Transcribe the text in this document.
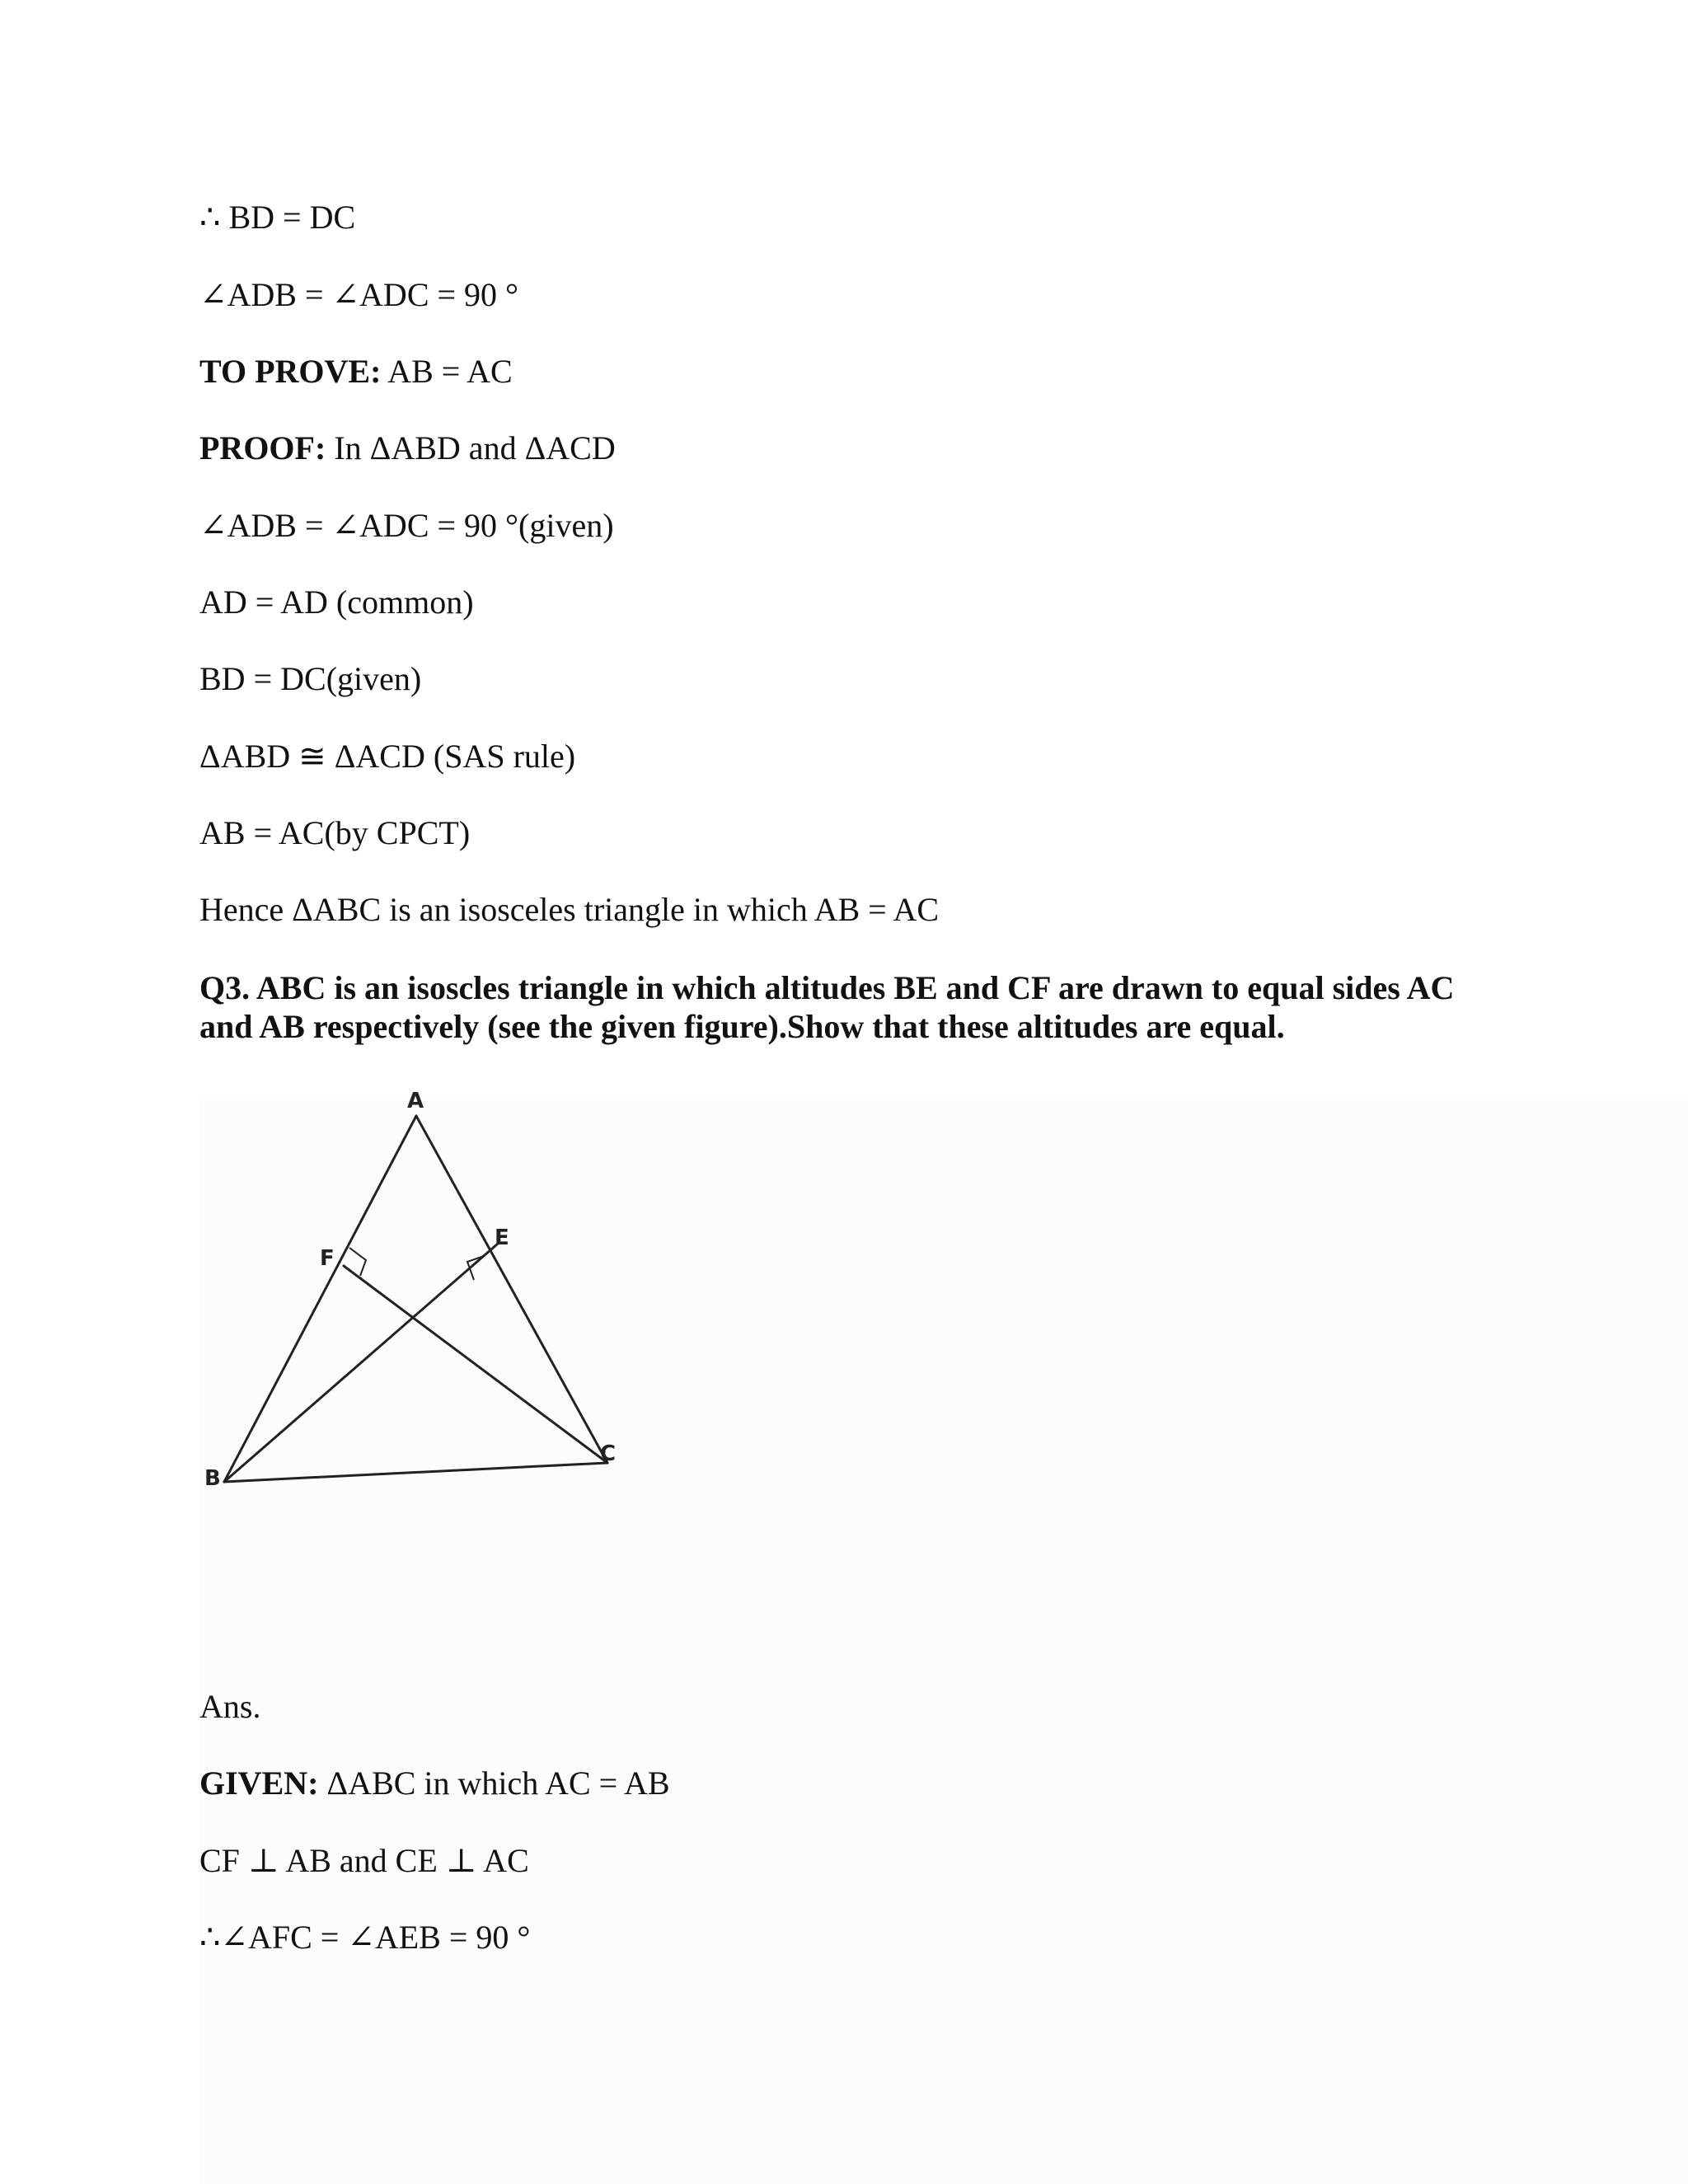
∴ BD = DC
∠ADB = ∠ADC = 90 °
TO PROVE: AB = AC
PROOF: In ΔABD and ΔACD
∠ADB = ∠ADC = 90 °(given)
AD = AD (common)
BD = DC(given)
ΔABD ≅ ΔACD (SAS rule)
AB = AC(by CPCT)
Hence ΔABC is an isosceles triangle in which AB = AC
Q3. ABC is an isoscles triangle in which altitudes BE and CF are drawn to equal sides AC
and AB respectively (see the given figure).Show that these altitudes are equal.
A
B
C
E
F
Ans.
GIVEN: ΔABC in which AC = AB
CF ⊥ AB and CE ⊥ AC
∴∠AFC = ∠AEB = 90 °
